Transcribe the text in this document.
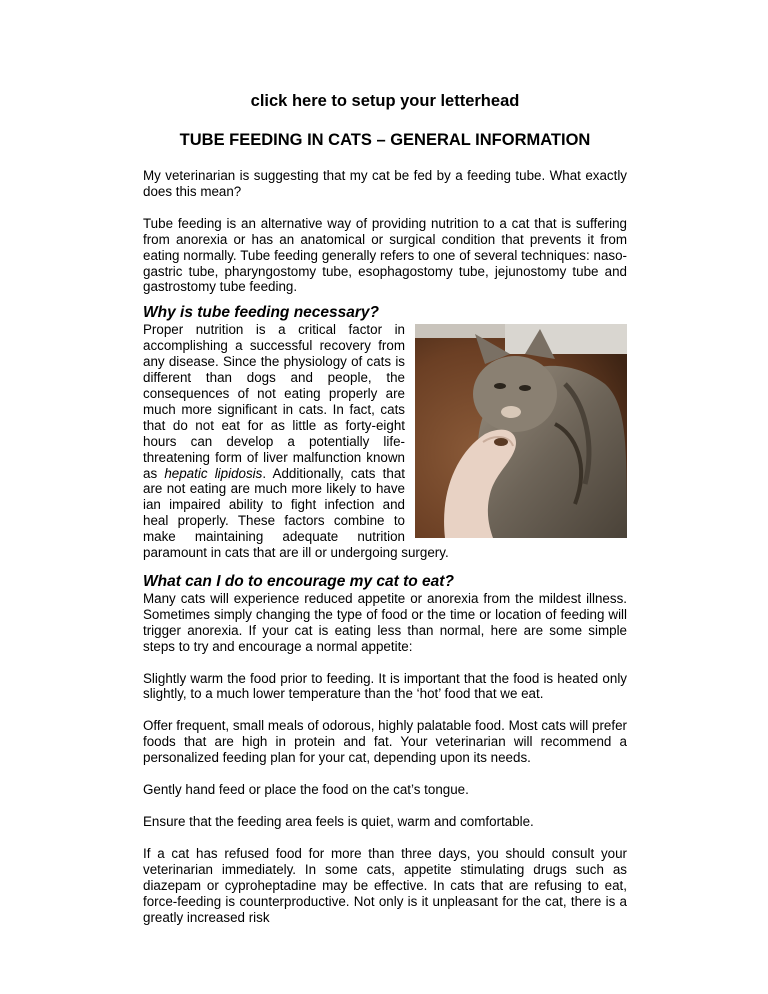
click here to setup your letterhead
TUBE FEEDING IN CATS – GENERAL INFORMATION

My veterinarian is suggesting that my cat be fed by a feeding tube. What exactly does this mean?

Tube feeding is an alternative way of providing nutrition to a cat that is suffering from anorexia or has an anatomical or surgical condition that prevents it from eating normally. Tube feeding generally refers to one of several techniques: naso-gastric tube, pharyngostomy tube, esophagostomy tube, jejunostomy tube and gastrostomy tube feeding.

Why is tube feeding necessary?

Proper nutrition is a critical factor in accomplishing a successful recovery from any disease. Since the physiology of cats is different than dogs and people, the consequences of not eating properly are much more significant in cats. In fact, cats that do not eat for as little as forty-eight hours can develop a potentially life-threatening form of liver malfunction known as hepatic lipidosis. Additionally, cats that are not eating are much more likely to have ian impaired ability to fight infection and heal properly. These factors combine to make maintaining adequate nutrition paramount in cats that are ill or undergoing surgery.

What can I do to encourage my cat to eat?

Many cats will experience reduced appetite or anorexia from the mildest illness. Sometimes simply changing the type of food or the time or location of feeding will trigger anorexia. If your cat is eating less than normal, here are some simple steps to try and encourage a normal appetite:

Slightly warm the food prior to feeding. It is important that the food is heated only slightly, to a much lower temperature than the ‘hot’ food that we eat.

Offer frequent, small meals of odorous, highly palatable food. Most cats will prefer foods that are high in protein and fat. Your veterinarian will recommend a personalized feeding plan for your cat, depending upon its needs.

Gently hand feed or place the food on the cat’s tongue.

Ensure that the feeding area feels is quiet, warm and comfortable.

If a cat has refused food for more than three days, you should consult your veterinarian immediately. In some cats, appetite stimulating drugs such as diazepam or cyproheptadine may be effective. In cats that are refusing to eat, force-feeding is counterproductive. Not only is it unpleasant for the cat, there is a greatly increased risk
